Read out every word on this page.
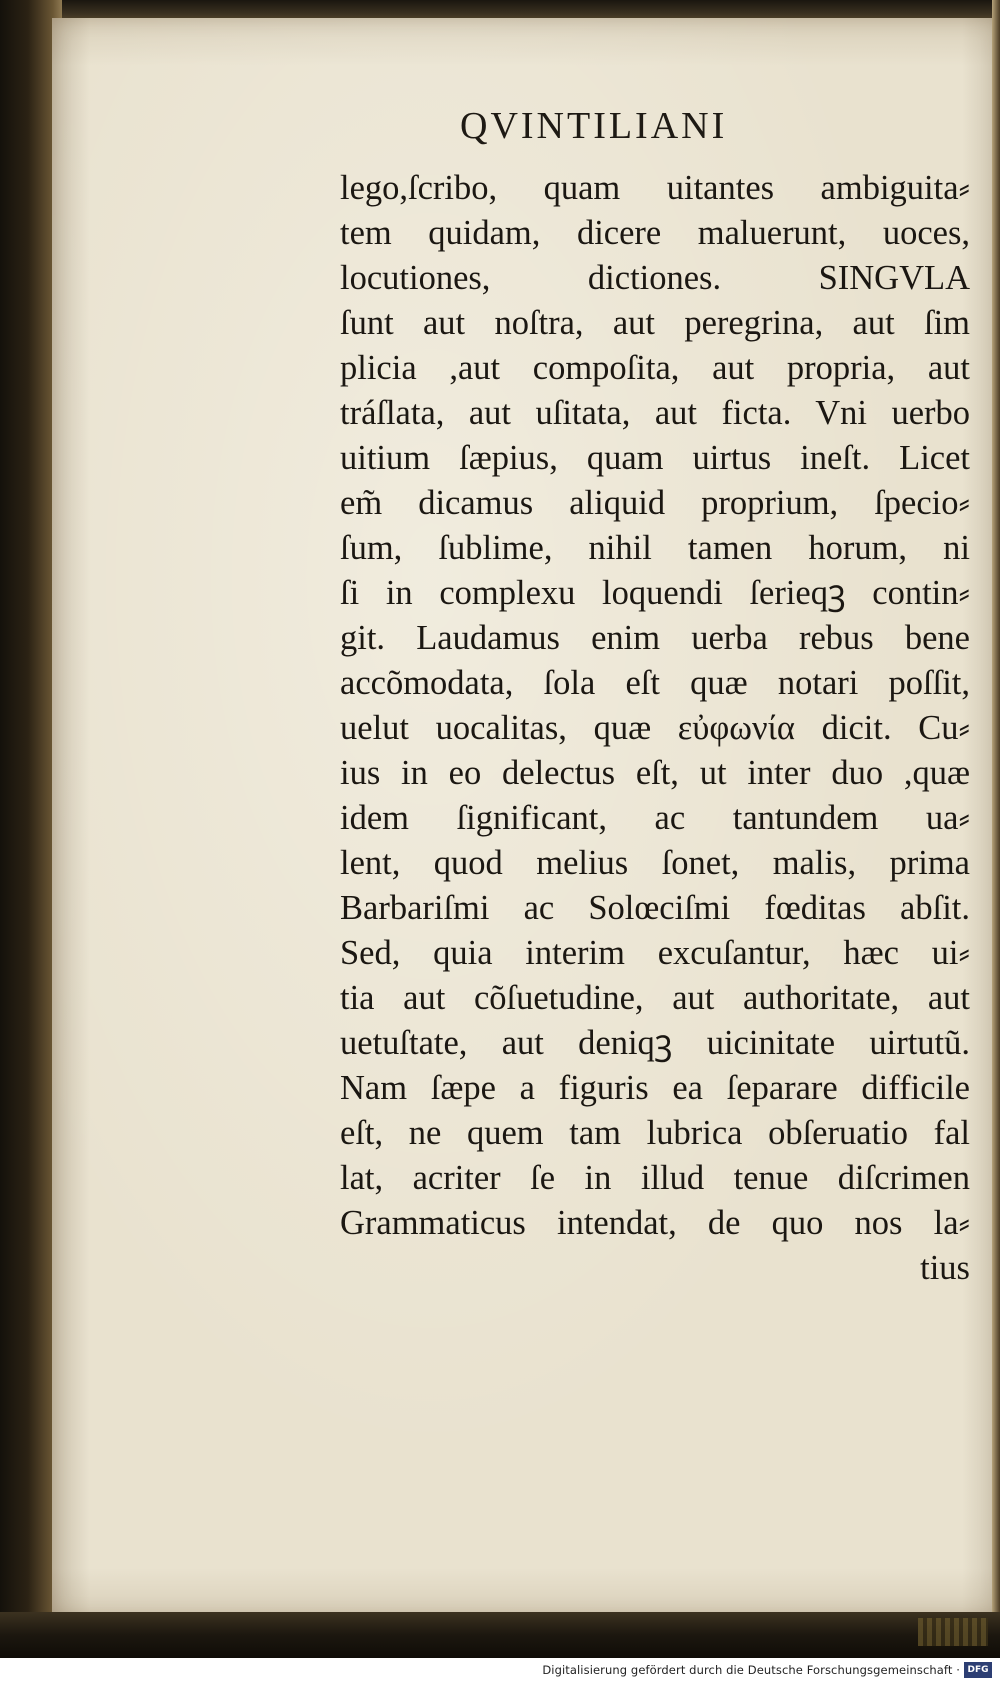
QVINTILIANI
lego,ſcribo, quam uitantes ambiguita⸗
tem quidam, dicere maluerunt, uoces,
locutiones, dictiones. SINGVLA
ſunt aut noſtra, aut peregrina, aut ſim
plicia ,aut compoſita, aut propria, aut
tráſlata, aut uſitata, aut ficta. Vni uerbo
uitium ſæpius, quam uirtus ineſt. Licet
em̃ dicamus aliquid proprium, ſpecio⸗
ſum, ſublime, nihil tamen horum, ni
ſi in complexu loquendi ſerieqꝫ contin⸗
git. Laudamus enim uerba rebus bene
accõmodata, ſola eſt quæ notari poſſit,
uelut uocalitas, quæ εὐφωνία dicit. Cu⸗
ius in eo delectus eſt, ut inter duo ,quæ
idem ſignificant, ac tantundem ua⸗
lent, quod melius ſonet, malis, prima
Barbariſmi ac Solœciſmi fœditas abſit.
Sed, quia interim excuſantur, hæc ui⸗
tia aut cõſuetudine, aut authoritate, aut
uetuſtate, aut deniqꝫ uicinitate uirtutũ.
Nam ſæpe a figuris ea ſeparare difficile
eſt, ne quem tam lubrica obſeruatio fal
lat, acriter ſe in illud tenue diſcrimen
Grammaticus intendat, de quo nos la⸗
tius
Digitalisierung gefördert durch die Deutsche Forschungsgemeinschaft · DFG
